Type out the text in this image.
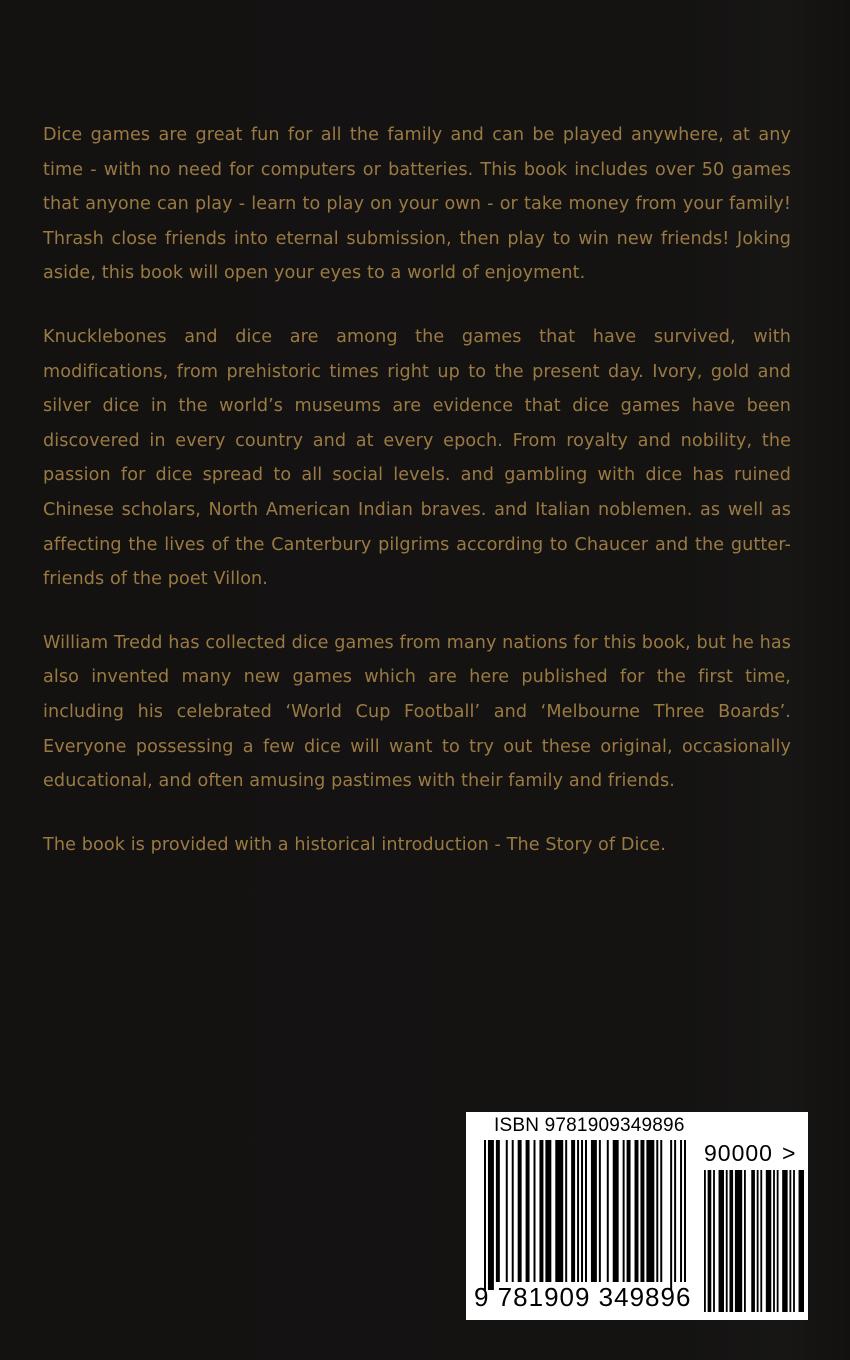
Dice games are great fun for all the family and can be played anywhere, at any time - with no need for computers or batteries. This book includes over 50 games that anyone can play - learn to play on your own - or take money from your family! Thrash close friends into eternal submission, then play to win new friends! Joking aside, this book will open your eyes to a world of enjoyment.

Knucklebones and dice are among the games that have survived, with modifications, from prehistoric times right up to the present day. Ivory, gold and silver dice in the world’s museums are evidence that dice games have been discovered in every country and at every epoch. From royalty and nobility, the passion for dice spread to all social levels. and gambling with dice has ruined Chinese scholars, North American Indian braves. and Italian noblemen. as well as affecting the lives of the Canterbury pilgrims according to Chaucer and the gutter-friends of the poet Villon.

William Tredd has collected dice games from many nations for this book, but he has also invented many new games which are here published for the first time, including his celebrated ‘World Cup Football’ and ‘Melbourne Three Boards’. Everyone possessing a few dice will want to try out these original, occasionally educational, and often amusing pastimes with their family and friends.

The book is provided with a historical introduction - The Story of Dice.

ISBN 9781909349896
9 781909 349896
90000 >
